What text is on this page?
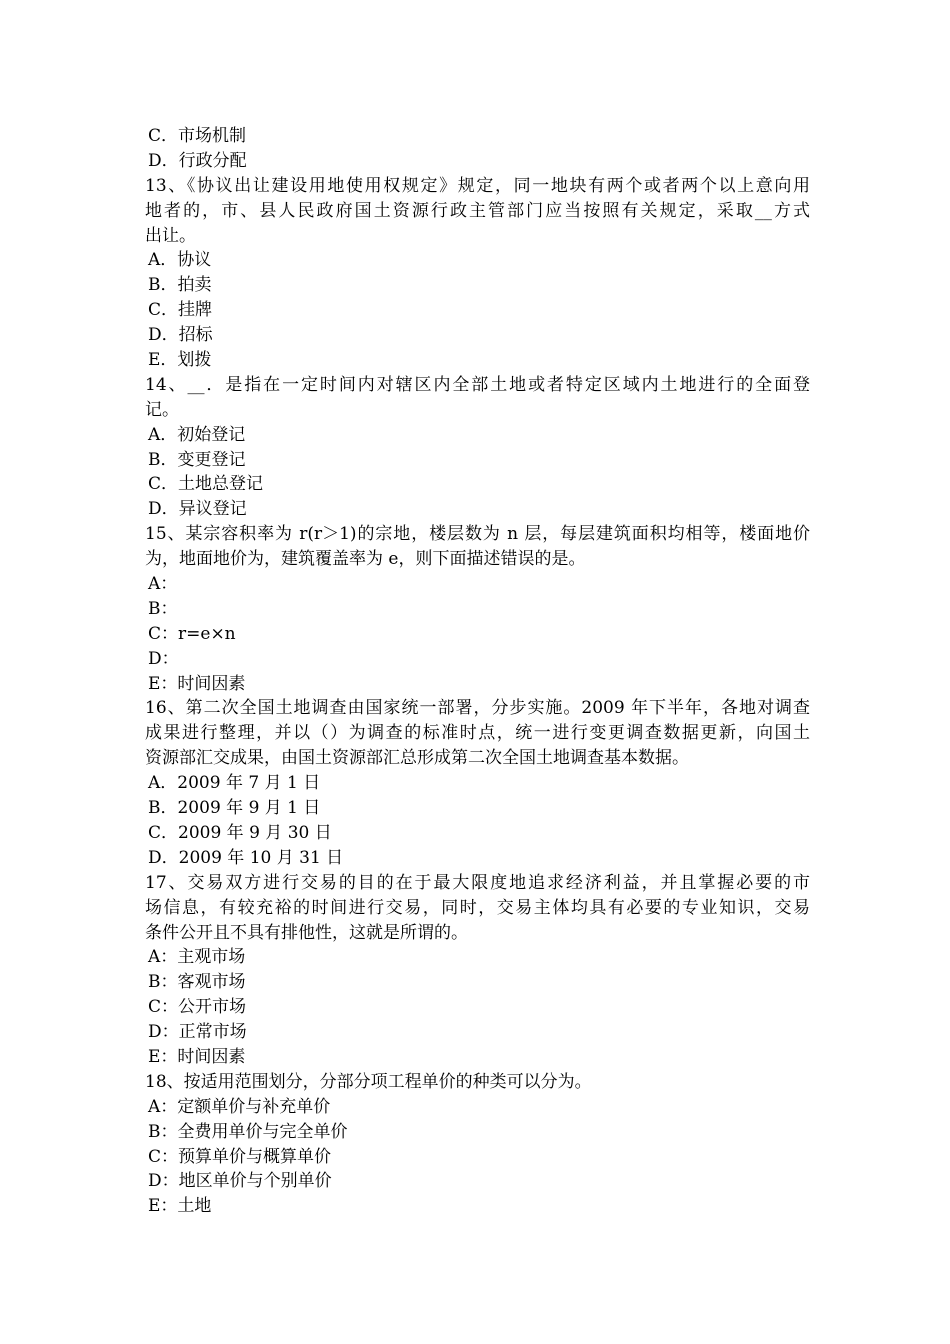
C．市场机制
D．行政分配
13、《协议出让建设用地使用权规定》规定，同一地块有两个或者两个以上意向用
地者的，市、县人民政府国土资源行政主管部门应当按照有关规定，采取__方式
出让。
A．协议
B．拍卖
C．挂牌
D．招标
E．划拨
14、__．是指在一定时间内对辖区内全部土地或者特定区域内土地进行的全面登
记。
A．初始登记
B．变更登记
C．土地总登记
D．异议登记
15、某宗容积率为 r(r＞1)的宗地，楼层数为 n 层，每层建筑面积均相等，楼面地价
为，地面地价为，建筑覆盖率为 e，则下面描述错误的是。
A：
B：
C：r=e×n
D：
E：时间因素
16、第二次全国土地调查由国家统一部署，分步实施。2009 年下半年，各地对调查
成果进行整理，并以（）为调查的标准时点，统一进行变更调查数据更新，向国土
资源部汇交成果，由国土资源部汇总形成第二次全国土地调查基本数据。
A．2009 年 7 月 1 日
B．2009 年 9 月 1 日
C．2009 年 9 月 30 日
D．2009 年 10 月 31 日
17、交易双方进行交易的目的在于最大限度地追求经济利益，并且掌握必要的市
场信息，有较充裕的时间进行交易，同时，交易主体均具有必要的专业知识，交易
条件公开且不具有排他性，这就是所谓的。
A：主观市场
B：客观市场
C：公开市场
D：正常市场
E：时间因素
18、按适用范围划分，分部分项工程单价的种类可以分为。
A：定额单价与补充单价
B：全费用单价与完全单价
C：预算单价与概算单价
D：地区单价与个别单价
E：土地
